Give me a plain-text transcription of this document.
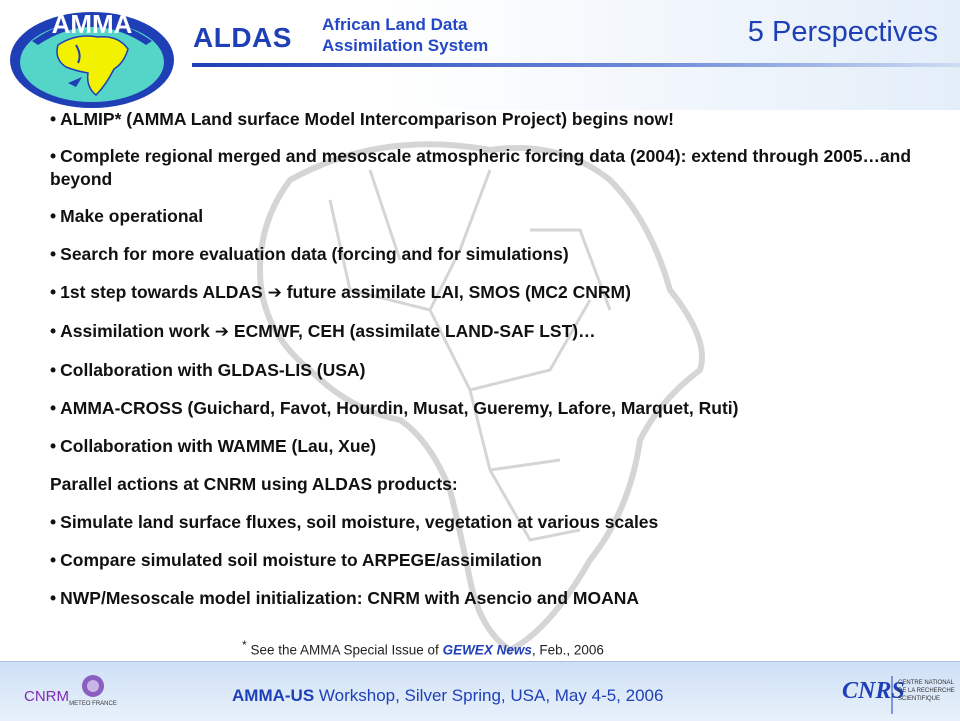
AMMA ALDAS African Land Data
Assimilation System	5 Perspectives

• ALMIP* (AMMA Land surface Model Intercomparison Project) begins now!

• Complete regional merged and mesoscale atmospheric forcing data (2004): extend through 2005…and beyond

• Make operational

• Search for more evaluation data (forcing and for simulations)

• 1st step towards ALDAS ➔ future assimilate LAI, SMOS (MC2 CNRM)

• Assimilation work ➔ ECMWF, CEH (assimilate LAND-SAF LST)…

• Collaboration with GLDAS-LIS (USA)

• AMMA-CROSS (Guichard, Favot, Hourdin, Musat, Gueremy, Lafore, Marquet, Ruti)

• Collaboration with WAMME (Lau, Xue)

Parallel actions at CNRM using ALDAS products:

• Simulate land surface fluxes, soil moisture, vegetation at various scales

• Compare simulated soil moisture to ARPEGE/assimilation

• NWP/Mesoscale model initialization: CNRM with Asencio and MOANA

* See the AMMA Special Issue of GEWEX News, Feb., 2006
CNRM METEO FRANCE	AMMA-US Workshop, Silver Spring, USA, May 4-5, 2006	CNRS
CENTRE NATIONAL
DE LA RECHERCHE
SCIENTIFIQUE
